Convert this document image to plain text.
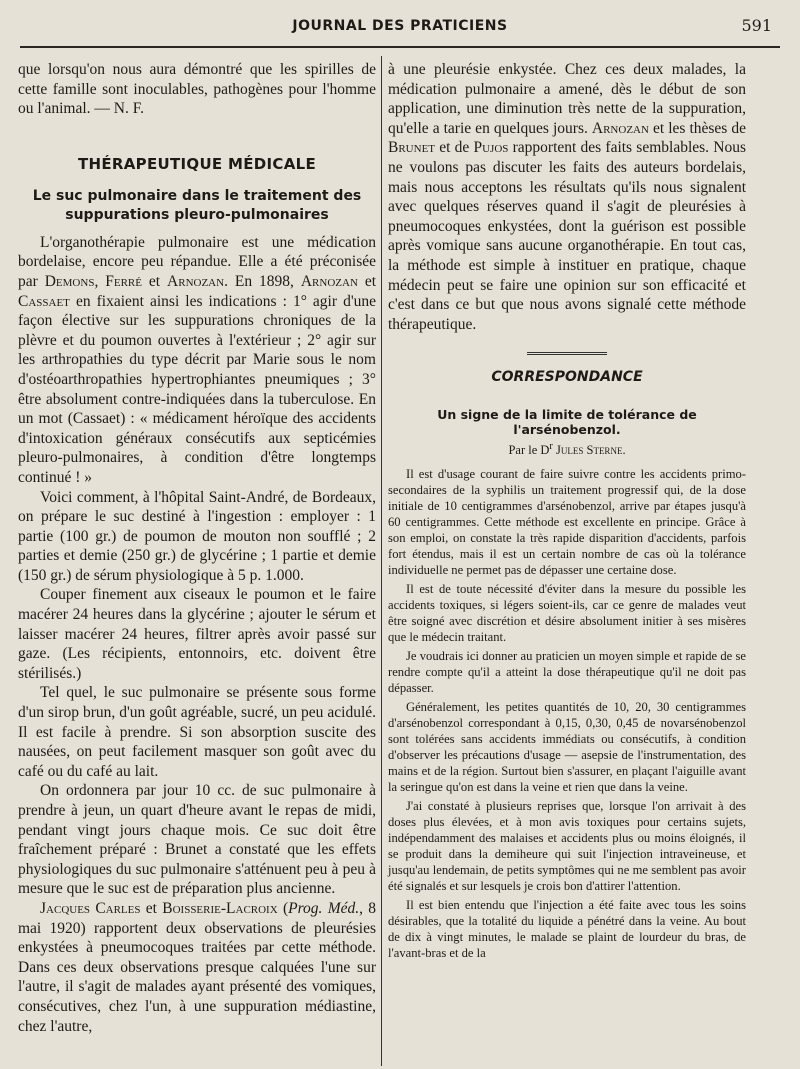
JOURNAL DES PRATICIENS	591

que lorsqu'on nous aura démontré que les spirilles de cette famille sont inoculables, pathogènes pour l'homme ou l'animal. — N. F.

THÉRAPEUTIQUE MÉDICALE
Le suc pulmonaire dans le traitement des suppurations pleuro-pulmonaires

L'organothérapie pulmonaire est une médication bordelaise, encore peu répandue. Elle a été préconisée par Demons, Ferré et Arnozan. En 1898, Arnozan et Cassaet en fixaient ainsi les indications : 1° agir d'une façon élective sur les suppurations chroniques de la plèvre et du poumon ouvertes à l'extérieur ; 2° agir sur les arthropathies du type décrit par Marie sous le nom d'ostéoarthropathies hypertrophiantes pneumiques ; 3° être absolument contre-indiquées dans la tuberculose. En un mot (Cassaet) : « médicament héroïque des accidents d'intoxication généraux consécutifs aux septicémies pleuro-pulmonaires, à condition d'être longtemps continué ! »

Voici comment, à l'hôpital Saint-André, de Bordeaux, on prépare le suc destiné à l'ingestion : employer : 1 partie (100 gr.) de poumon de mouton non soufflé ; 2 parties et demie (250 gr.) de glycérine ; 1 partie et demie (150 gr.) de sérum physiologique à 5 p. 1.000.

Couper finement aux ciseaux le poumon et le faire macérer 24 heures dans la glycérine ; ajouter le sérum et laisser macérer 24 heures, filtrer après avoir passé sur gaze. (Les récipients, entonnoirs, etc. doivent être stérilisés.)

Tel quel, le suc pulmonaire se présente sous forme d'un sirop brun, d'un goût agréable, sucré, un peu acidulé. Il est facile à prendre. Si son absorption suscite des nausées, on peut facilement masquer son goût avec du café ou du café au lait.

On ordonnera par jour 10 cc. de suc pulmonaire à prendre à jeun, un quart d'heure avant le repas de midi, pendant vingt jours chaque mois. Ce suc doit être fraîchement préparé : Brunet a constaté que les effets physiologiques du suc pulmonaire s'atténuent peu à peu à mesure que le suc est de préparation plus ancienne.

Jacques Carles et Boisserie-Lacroix (Prog. Méd., 8 mai 1920) rapportent deux observations de pleurésies enkystées à pneumocoques traitées par cette méthode. Dans ces deux observations presque calquées l'une sur l'autre, il s'agit de malades ayant présenté des vomiques, consécutives, chez l'un, à une suppuration médiastine, chez l'autre,

à une pleurésie enkystée. Chez ces deux malades, la médication pulmonaire a amené, dès le début de son application, une diminution très nette de la suppuration, qu'elle a tarie en quelques jours. Arnozan et les thèses de Brunet et de Pujos rapportent des faits semblables. Nous ne voulons pas discuter les faits des auteurs bordelais, mais nous acceptons les résultats qu'ils nous signalent avec quelques réserves quand il s'agit de pleurésies à pneumocoques enkystées, dont la guérison est possible après vomique sans aucune organothérapie. En tout cas, la méthode est simple à instituer en pratique, chaque médecin peut se faire une opinion sur son efficacité et c'est dans ce but que nous avons signalé cette méthode thérapeutique.

CORRESPONDANCE
Un signe de la limite de tolérance de l'arsénobenzol.
Par le $D^r$ Jules Sterne.

Il est d'usage courant de faire suivre contre les accidents primo-secondaires de la syphilis un traitement progressif qui, de la dose initiale de 10 centigrammes d'arsénobenzol, arrive par étapes jusqu'à 60 centigrammes. Cette méthode est excellente en principe. Grâce à son emploi, on constate la très rapide disparition d'accidents, parfois fort étendus, mais il est un certain nombre de cas où la tolérance individuelle ne permet pas de dépasser une certaine dose.

Il est de toute nécessité d'éviter dans la mesure du possible les accidents toxiques, si légers soient-ils, car ce genre de malades veut être soigné avec discrétion et désire absolument initier à ses misères que le médecin traitant.

Je voudrais ici donner au praticien un moyen simple et rapide de se rendre compte qu'il a atteint la dose thérapeutique qu'il ne doit pas dépasser.

Généralement, les petites quantités de 10, 20, 30 centigrammes d'arsénobenzol correspondant à 0,15, 0,30, 0,45 de novarsénobenzol sont tolérées sans accidents immédiats ou consécutifs, à condition d'observer les précautions d'usage — asepsie de l'instrumentation, des mains et de la région. Surtout bien s'assurer, en plaçant l'aiguille avant la seringue qu'on est dans la veine et rien que dans la veine.

J'ai constaté à plusieurs reprises que, lorsque l'on arrivait à des doses plus élevées, et à mon avis toxiques pour certains sujets, indépendamment des malaises et accidents plus ou moins éloignés, il se produit dans la demiheure qui suit l'injection intraveineuse, et jusqu'au lendemain, de petits symptômes qui ne me semblent pas avoir été signalés et sur lesquels je crois bon d'attirer l'attention.

Il est bien entendu que l'injection a été faite avec tous les soins désirables, que la totalité du liquide a pénétré dans la veine. Au bout de dix à vingt minutes, le malade se plaint de lourdeur du bras, de l'avant-bras et de la
